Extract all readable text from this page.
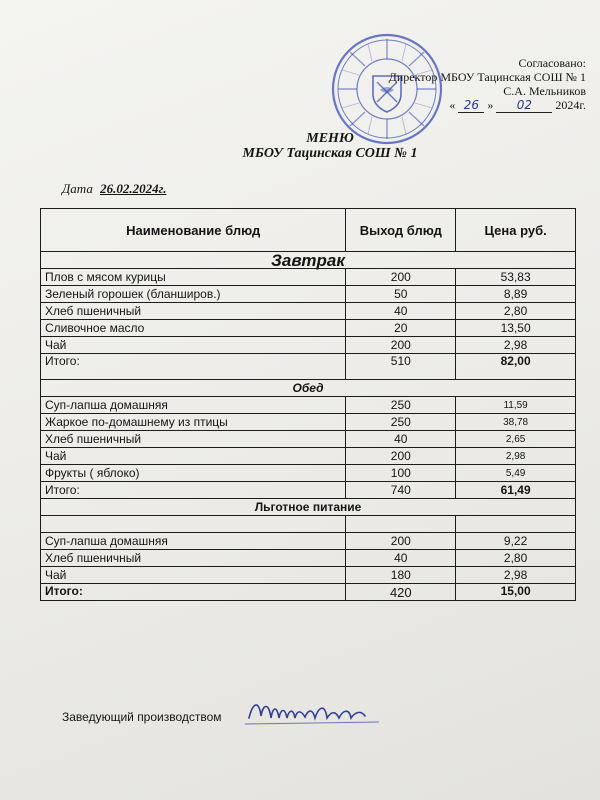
Согласовано:
Директор МБОУ Тацинская СОШ № 1
С.А. Мельников
« 26 » 02 2024г.
МЕНЮ
МБОУ Тацинская СОШ № 1
Дата 26.02.2024г.
Наименование блюд	Выход блюд	Цена руб.
Завтрак		
Плов с мясом курицы	200	53,83
Зеленый горошек (бланширов.)	50	8,89
Хлеб пшеничный	40	2,80
Сливочное масло	20	13,50
Чай	200	2,98
Итого:	510	82,00
Обед		
Суп-лапша домашняя	250	11,59
Жаркое по-домашнему из птицы	250	38,78
Хлеб пшеничный	40	2,65
Чай	200	2,98
Фрукты ( яблоко)	100	5,49
Итого:	740	61,49
Льготное питание		

Суп-лапша домашняя	200	9,22
Хлеб пшеничный	40	2,80
Чай	180	2,98
Итого:	420	15,00
Заведующий производством
